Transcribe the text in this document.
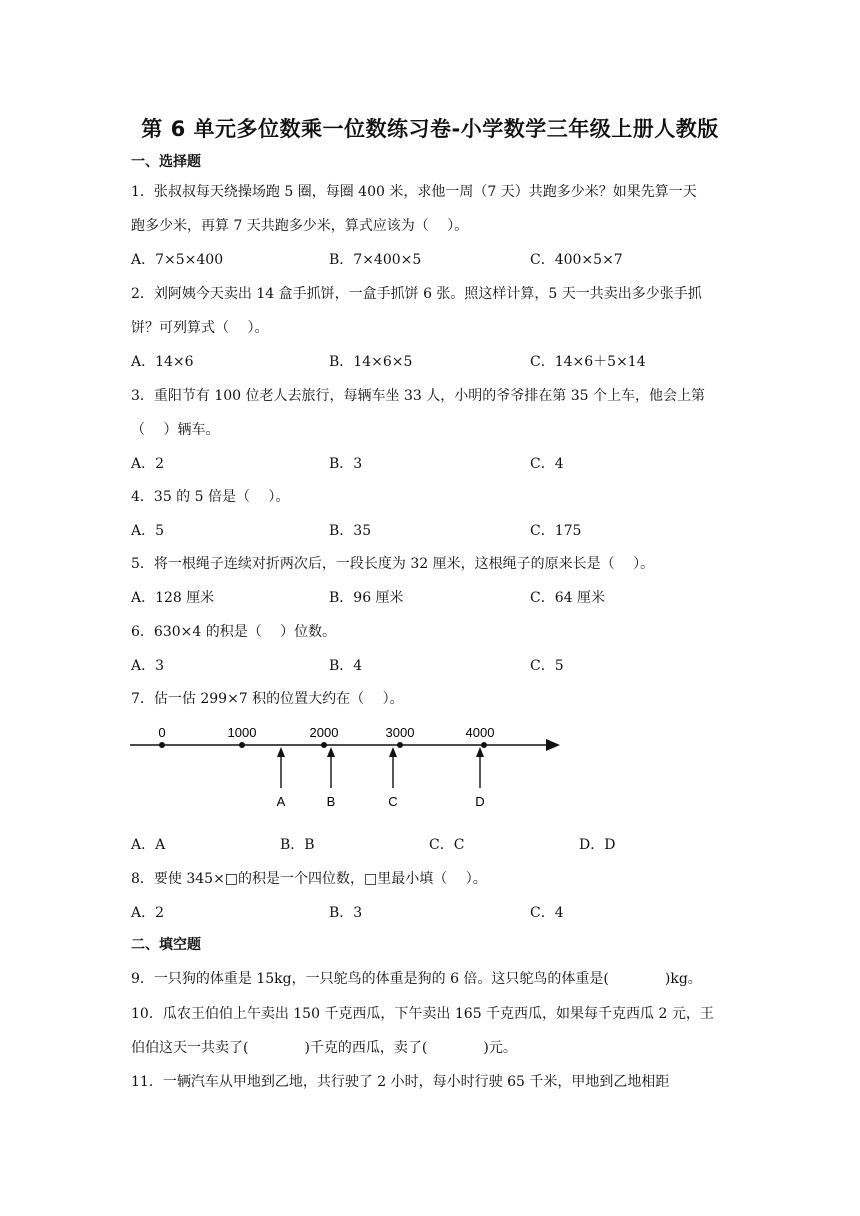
第 6 单元多位数乘一位数练习卷-小学数学三年级上册人教版
一、选择题
1．张叔叔每天绕操场跑 5 圈，每圈 400 米，求他一周（7 天）共跑多少米？如果先算一天
跑多少米，再算 7 天共跑多少米，算式应该为（　 ）。
A．7×5×400	B．7×400×5	C．400×5×7
2．刘阿姨今天卖出 14 盒手抓饼，一盒手抓饼 6 张。照这样计算，5 天一共卖出多少张手抓
饼？可列算式（　 ）。
A．14×6	B．14×6×5	C．14×6＋5×14
3．重阳节有 100 位老人去旅行，每辆车坐 33 人，小明的爷爷排在第 35 个上车，他会上第
（　 ）辆车。
A．2	B．3	C．4
4．35 的 5 倍是（　 ）。
A．5	B．35	C．175
5．将一根绳子连续对折两次后，一段长度为 32 厘米，这根绳子的原来长是（　 ）。
A．128 厘米	B．96 厘米	C．64 厘米
6．630×4 的积是（　 ）位数。
A．3	B．4	C．5
7．估一估 299×7 积的位置大约在（　 ）。
0	1000	2000	3000	4000
A	B	C	D
A．A	B．B	C．C	D．D
8．要使 345×□的积是一个四位数，□里最小填（　 ）。
A．2	B．3	C．4
二、填空题
9．一只狗的体重是 15kg，一只鸵鸟的体重是狗的 6 倍。这只鸵鸟的体重是(　　　　)kg。
10．瓜农王伯伯上午卖出 150 千克西瓜，下午卖出 165 千克西瓜，如果每千克西瓜 2 元，王
伯伯这天一共卖了(　　　　)千克的西瓜，卖了(　　　　)元。
11．一辆汽车从甲地到乙地，共行驶了 2 小时，每小时行驶 65 千米，甲地到乙地相距
